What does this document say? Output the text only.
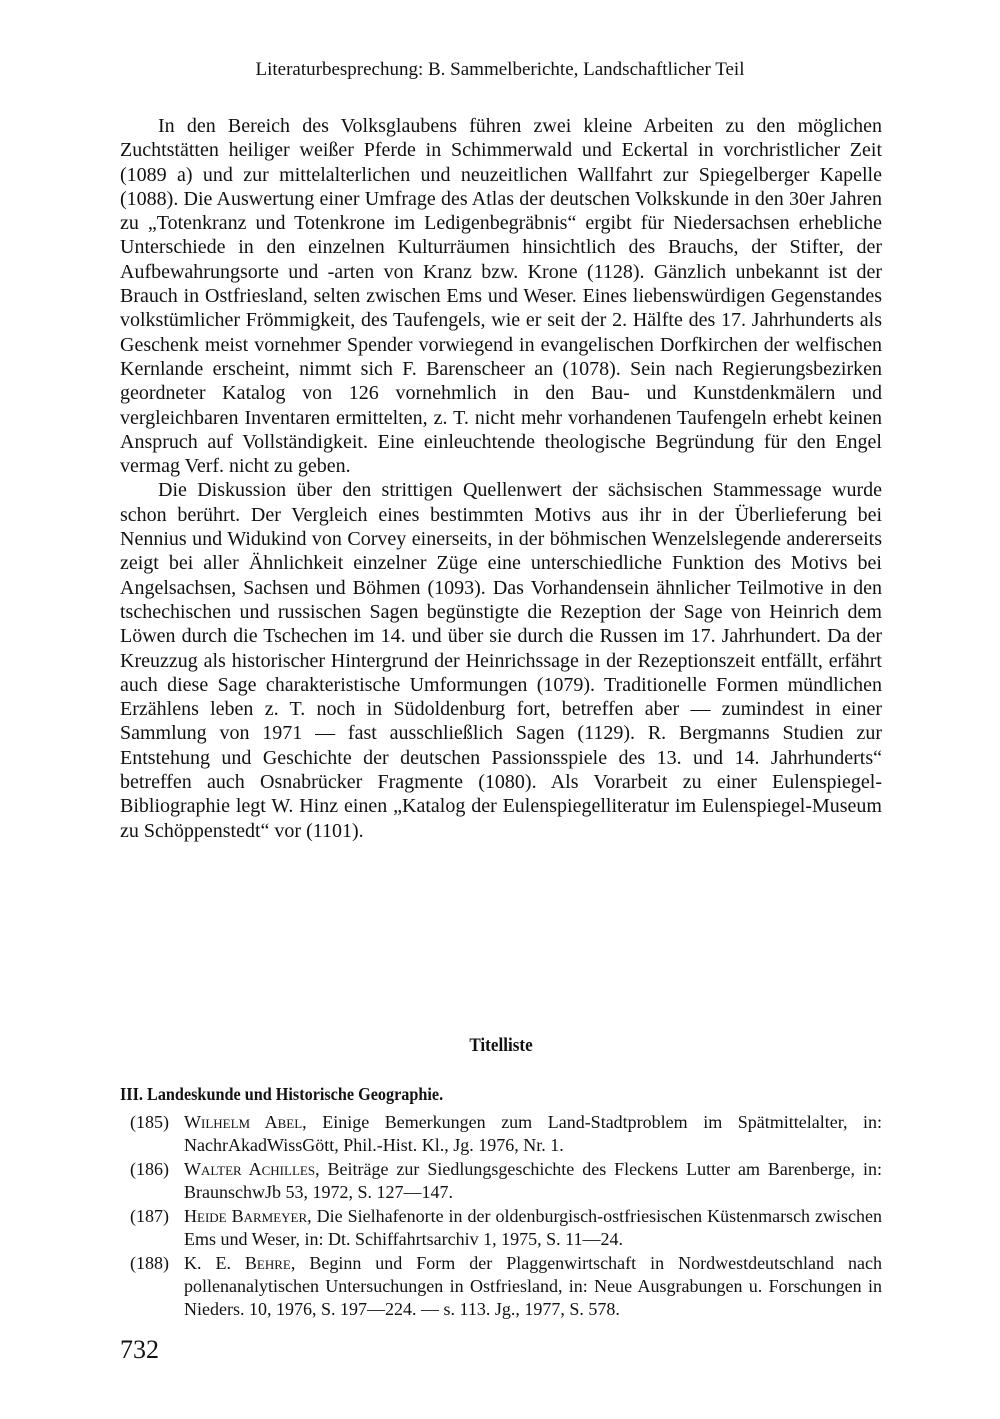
Literaturbesprechung: B. Sammelberichte, Landschaftlicher Teil

In den Bereich des Volksglaubens führen zwei kleine Arbeiten zu den möglichen Zuchtstätten heiliger weißer Pferde in Schimmerwald und Eckertal in vorchristlicher Zeit (1089 a) und zur mittelalterlichen und neuzeitlichen Wallfahrt zur Spiegelberger Kapelle (1088). Die Auswertung einer Umfrage des Atlas der deutschen Volkskunde in den 30er Jahren zu „Totenkranz und Totenkrone im Ledigenbegräbnis“ ergibt für Niedersachsen erhebliche Unterschiede in den einzelnen Kulturräumen hinsichtlich des Brauchs, der Stifter, der Aufbewahrungsorte und -arten von Kranz bzw. Krone (1128). Gänzlich unbekannt ist der Brauch in Ostfriesland, selten zwischen Ems und Weser. Eines liebenswürdigen Gegenstandes volkstümlicher Frömmigkeit, des Taufengels, wie er seit der 2. Hälfte des 17. Jahrhunderts als Geschenk meist vornehmer Spender vorwiegend in evangelischen Dorfkirchen der welfischen Kernlande erscheint, nimmt sich F. Barenscheer an (1078). Sein nach Regierungsbezirken geordneter Katalog von 126 vornehmlich in den Bau- und Kunstdenkmälern und vergleichbaren Inventaren ermittelten, z. T. nicht mehr vorhandenen Taufengeln erhebt keinen Anspruch auf Vollständigkeit. Eine einleuchtende theologische Begründung für den Engel vermag Verf. nicht zu geben.

Die Diskussion über den strittigen Quellenwert der sächsischen Stammessage wurde schon berührt. Der Vergleich eines bestimmten Motivs aus ihr in der Überlieferung bei Nennius und Widukind von Corvey einerseits, in der böhmischen Wenzelslegende andererseits zeigt bei aller Ähnlichkeit einzelner Züge eine unterschiedliche Funktion des Motivs bei Angelsachsen, Sachsen und Böhmen (1093). Das Vorhandensein ähnlicher Teilmotive in den tschechischen und russischen Sagen begünstigte die Rezeption der Sage von Heinrich dem Löwen durch die Tschechen im 14. und über sie durch die Russen im 17. Jahrhundert. Da der Kreuzzug als historischer Hintergrund der Heinrichssage in der Rezeptionszeit entfällt, erfährt auch diese Sage charakteristische Umformungen (1079). Traditionelle Formen mündlichen Erzählens leben z. T. noch in Südoldenburg fort, betreffen aber — zumindest in einer Sammlung von 1971 — fast ausschließlich Sagen (1129). R. Bergmanns Studien zur Entstehung und Geschichte der deutschen Passionsspiele des 13. und 14. Jahrhunderts“ betreffen auch Osnabrücker Fragmente (1080). Als Vorarbeit zu einer Eulenspiegel-Bibliographie legt W. Hinz einen „Katalog der Eulenspiegelliteratur im Eulenspiegel-Museum zu Schöppenstedt“ vor (1101).

Titelliste
III. Landeskunde und Historische Geographie.
(185) Wilhelm Abel, Einige Bemerkungen zum Land-Stadtproblem im Spätmittelalter, in: NachrAkadWissGött, Phil.-Hist. Kl., Jg. 1976, Nr. 1.
(186) Walter Achilles, Beiträge zur Siedlungsgeschichte des Fleckens Lutter am Barenberge, in: BraunschwJb 53, 1972, S. 127—147.
(187) Heide Barmeyer, Die Sielhafenorte in der oldenburgisch-ostfriesischen Küstenmarsch zwischen Ems und Weser, in: Dt. Schiffahrtsarchiv 1, 1975, S. 11—24.
(188) K. E. Behre, Beginn und Form der Plaggenwirtschaft in Nordwestdeutschland nach pollenanalytischen Untersuchungen in Ostfriesland, in: Neue Ausgrabungen u. Forschungen in Nieders. 10, 1976, S. 197—224. — s. 113. Jg., 1977, S. 578.
732
